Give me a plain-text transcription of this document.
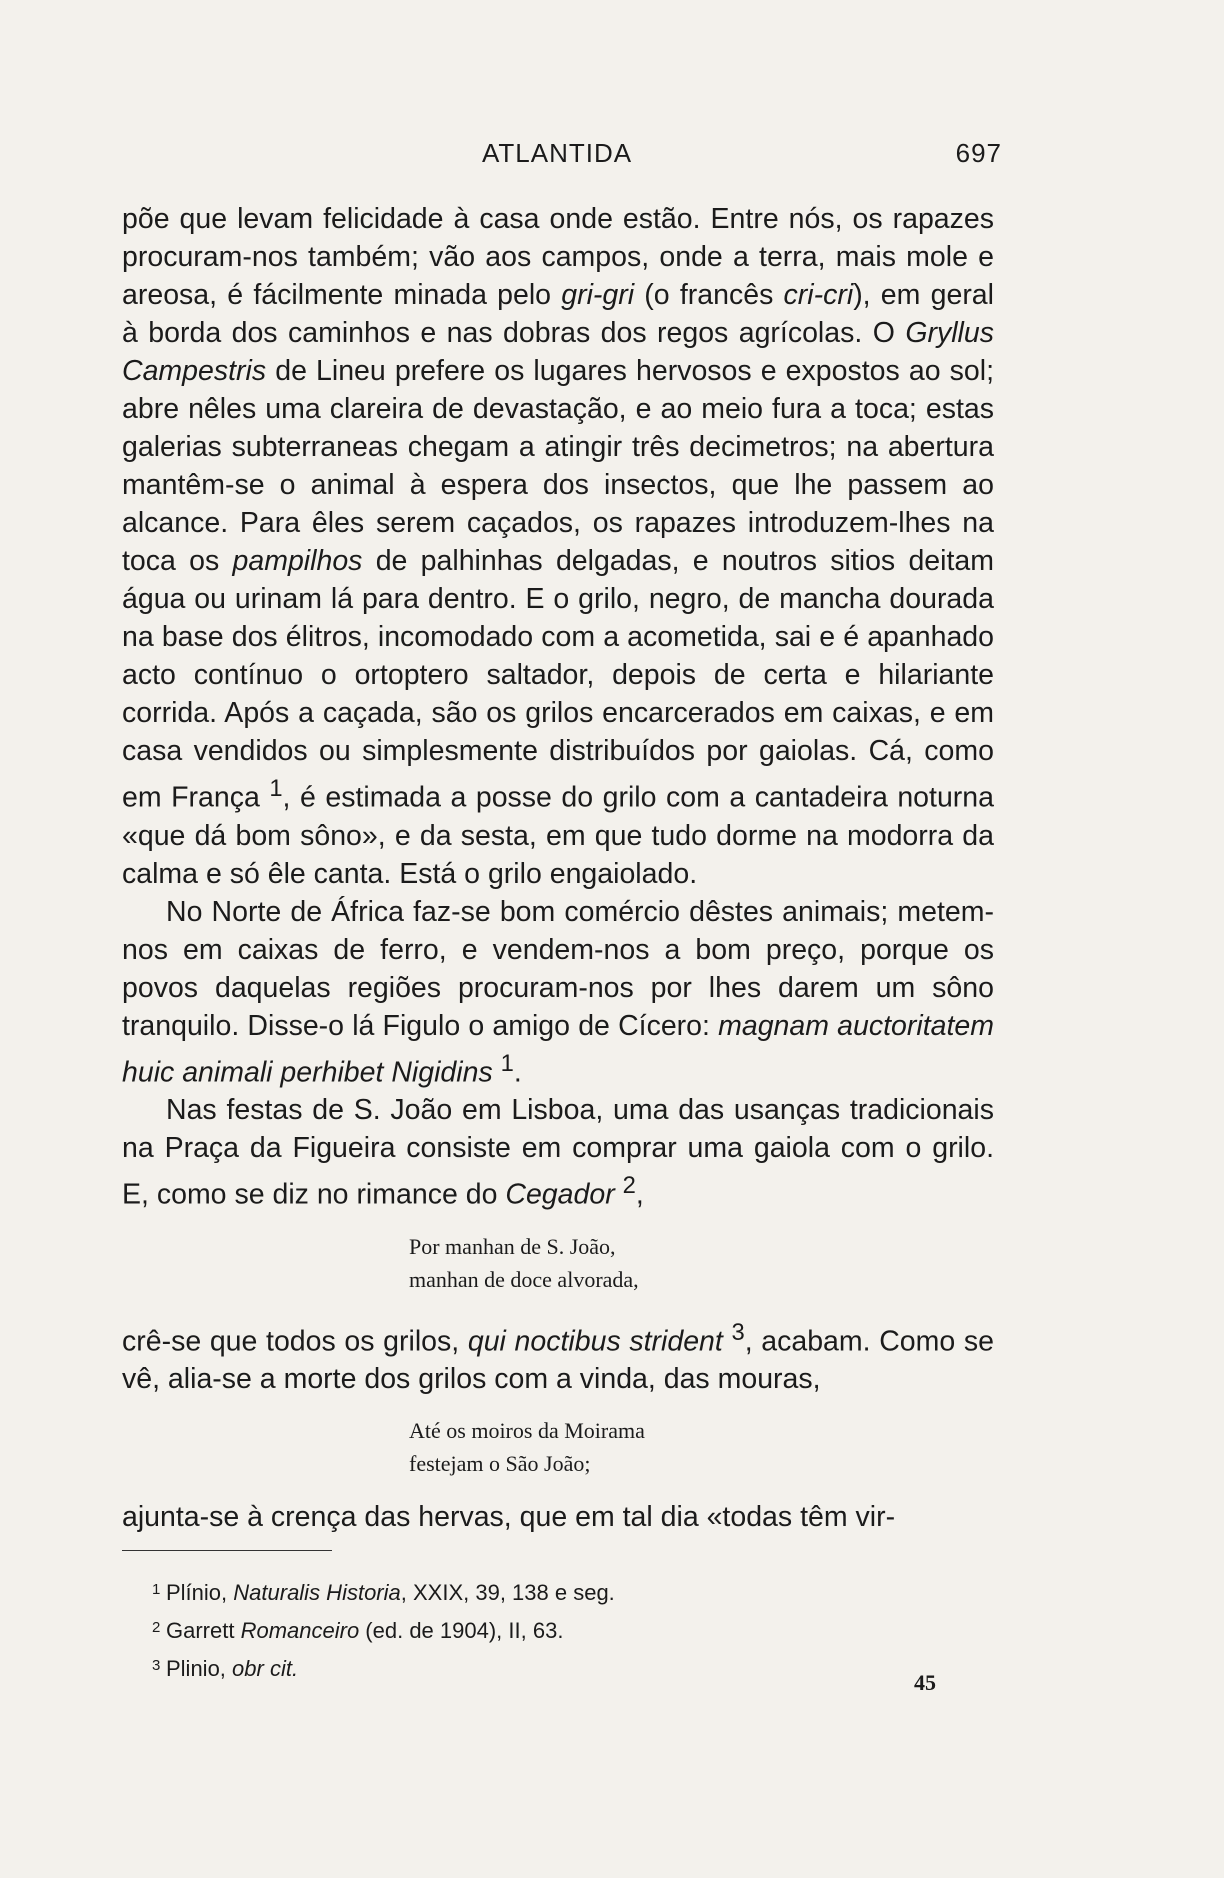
ATLANTIDA	697

põe que levam felicidade à casa onde estão. Entre nós, os rapazes procuram-nos também; vão aos campos, onde a terra, mais mole e areosa, é fácilmente minada pelo gri-gri (o francês cri-cri), em geral à borda dos caminhos e nas dobras dos regos agrícolas. O Gryllus Campestris de Lineu prefere os lugares hervosos e expostos ao sol; abre nêles uma clareira de devastação, e ao meio fura a toca; estas galerias subterraneas chegam a atingir três decimetros; na abertura mantêm-se o animal à espera dos insectos, que lhe passem ao alcance. Para êles serem caçados, os rapazes introduzem-lhes na toca os pampilhos de palhinhas delgadas, e noutros sitios deitam água ou urinam lá para dentro. E o grilo, negro, de mancha dourada na base dos élitros, incomodado com a acometida, sai e é apanhado acto contínuo o ortoptero saltador, depois de certa e hilariante corrida. Após a caçada, são os grilos encarcerados em caixas, e em casa vendidos ou simplesmente distribuídos por gaiolas. Cá, como em França $^1$, é estimada a posse do grilo com a cantadeira noturna «que dá bom sôno», e da sesta, em que tudo dorme na modorra da calma e só êle canta. Está o grilo engaiolado.

No Norte de África faz-se bom comércio dêstes animais; metem-nos em caixas de ferro, e vendem-nos a bom preço, porque os povos daquelas regiões procuram-nos por lhes darem um sôno tranquilo. Disse-o lá Figulo o amigo de Cícero: magnam auctoritatem huic animali perhibet Nigidins $^1$.

Nas festas de S. João em Lisboa, uma das usanças tradicionais na Praça da Figueira consiste em comprar uma gaiola com o grilo. E, como se diz no rimance do Cegador $^2$,

Por manhan de S. João,
manhan de doce alvorada,

crê-se que todos os grilos, qui noctibus strident $^3$, acabam. Como se vê, alia-se a morte dos grilos com a vinda, das mouras,

Até os moiros da Moirama
festejam o São João;

ajunta-se à crença das hervas, que em tal dia «todas têm vir-

1 Plínio, Naturalis Historia, XXIX, 39, 138 e seg.
2 Garrett Romanceiro (ed. de 1904), II, 63.
3 Plinio, obr cit.
45
